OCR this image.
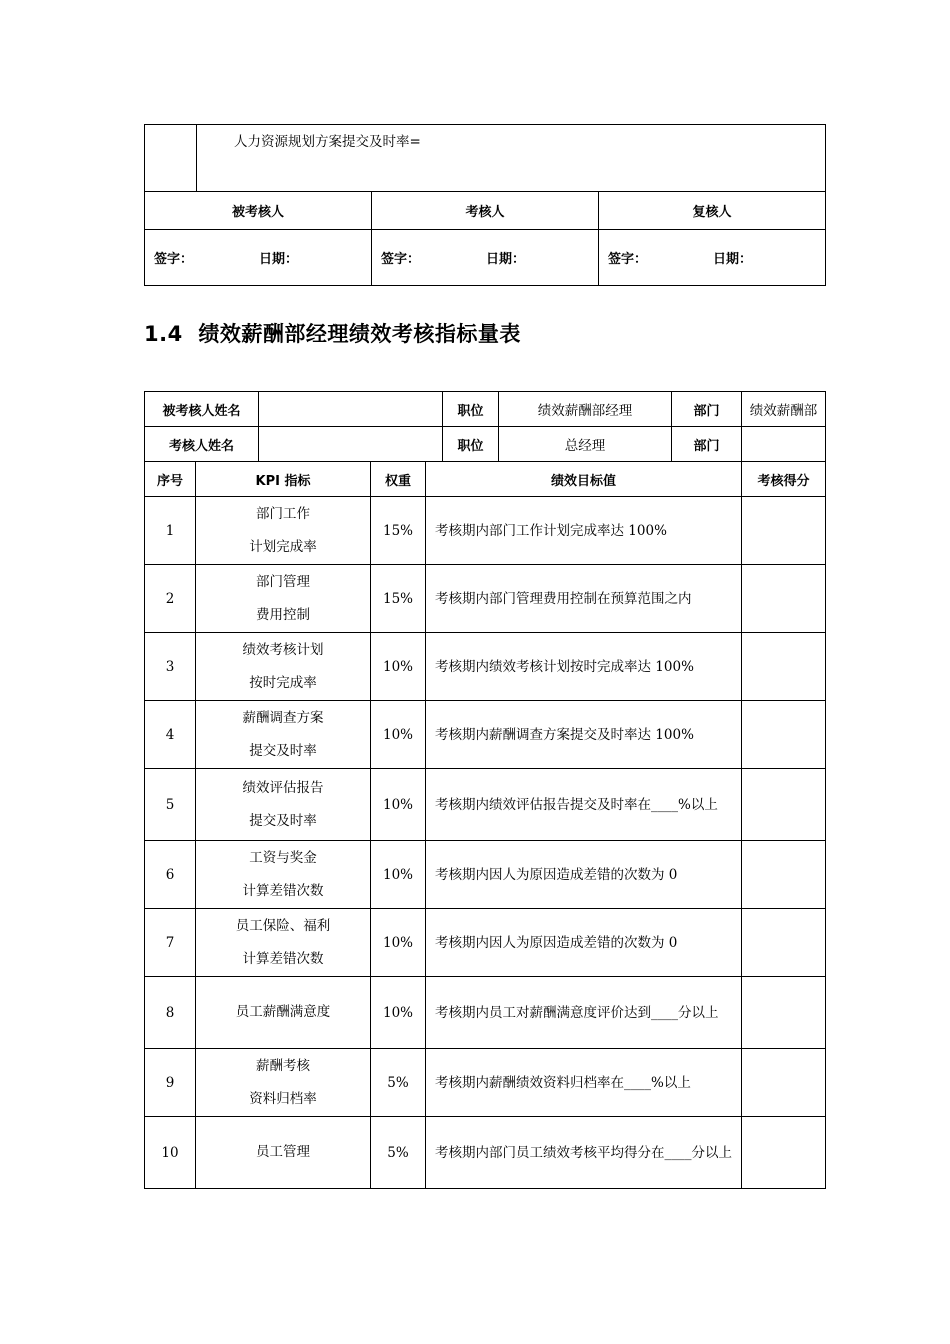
	人力资源规划方案提交及时率=		
被考核人		考核人	复核人

签字： 日期：		签字： 日期：	签字： 日期：
1.4 绩效薪酬部经理绩效考核指标量表
被考核人姓名					职位	绩效薪酬部经理	部门	绩效薪酬部
考核人姓名					职位	总经理	部门	
序号	KPI 指标		权重	绩效目标值				考核得分
1	部门工作
计划完成率		15%	考核期内部门工作计划完成率达 100%				
2	部门管理
费用控制		15%	考核期内部门管理费用控制在预算范围之内				
3	绩效考核计划
按时完成率		10%	考核期内绩效考核计划按时完成率达 100%				
4	薪酬调查方案
提交及时率		10%	考核期内薪酬调查方案提交及时率达 100%				
5	绩效评估报告
提交及时率		10%	考核期内绩效评估报告提交及时率在____%以上				
6	工资与奖金
计算差错次数		10%	考核期内因人为原因造成差错的次数为 0				
7	员工保险、福利
计算差错次数		10%	考核期内因人为原因造成差错的次数为 0				
8	员工薪酬满意度		10%	考核期内员工对薪酬满意度评价达到____分以上				
9	薪酬考核
资料归档率		5%	考核期内薪酬绩效资料归档率在____%以上				
10	员工管理		5%	考核期内部门员工绩效考核平均得分在____分以上				
